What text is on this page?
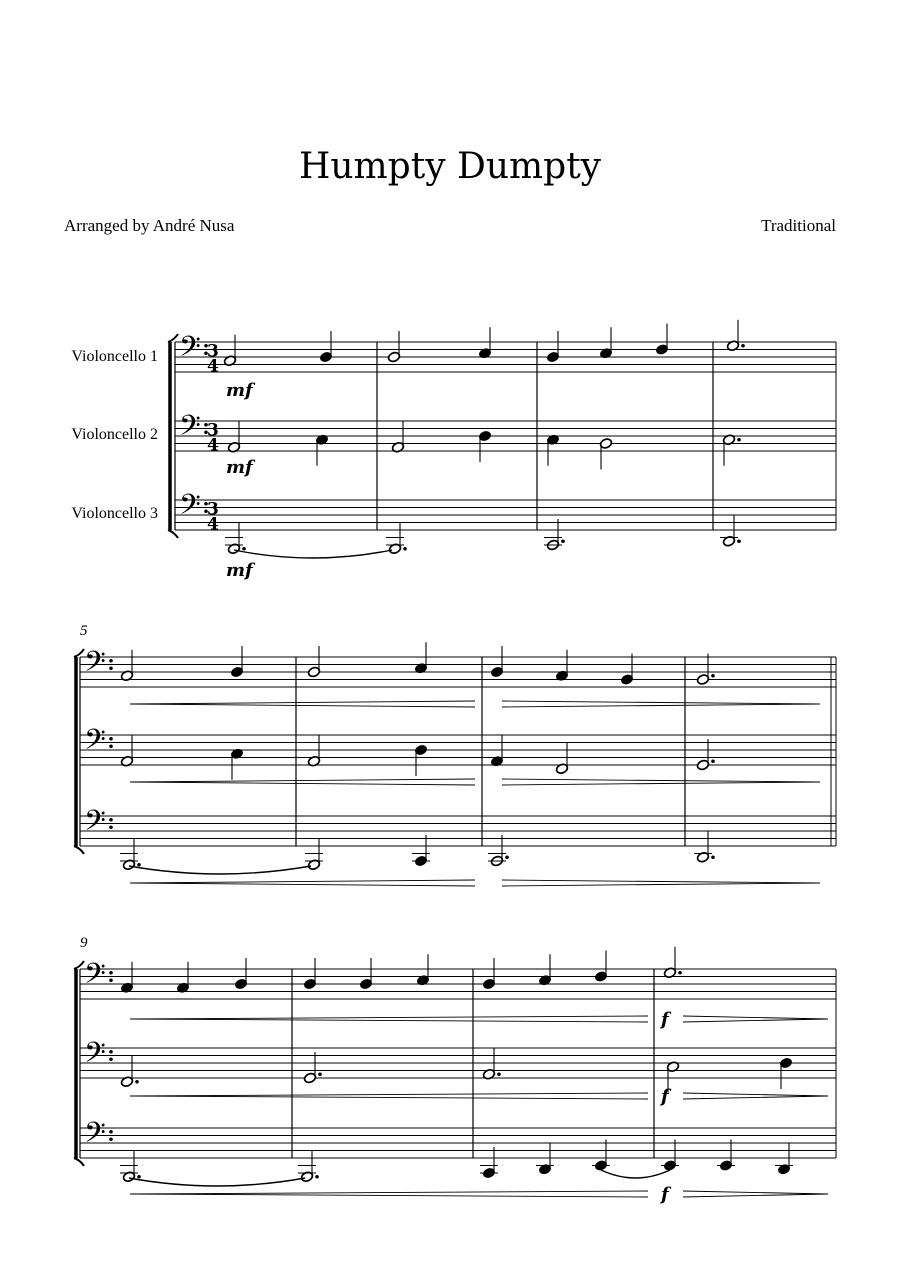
Humpty Dumpty
Arranged by André Nusa	Traditional
Violoncello 1
Violoncello 2
Violoncello 3
5
9
𝄢 3
4
𝄢 3
4
𝄢 3
4
mf
mf
mf
𝄢
𝄢
𝄢
𝄢
𝄢
𝄢
f
f
f
